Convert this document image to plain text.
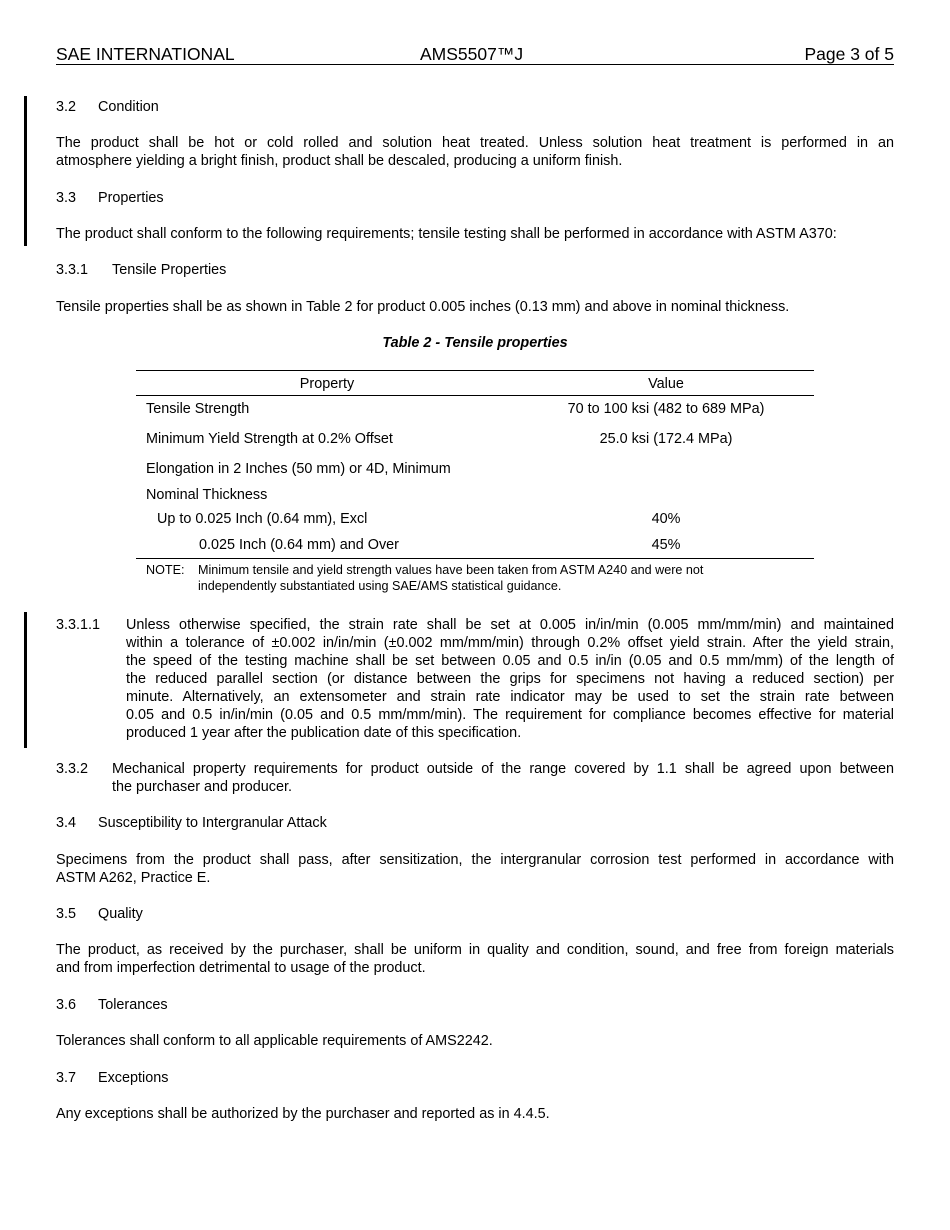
SAE INTERNATIONAL	AMS5507™J	Page 3 of 5
3.2 Condition
The product shall be hot or cold rolled and solution heat treated. Unless solution heat treatment is performed in an
atmosphere yielding a bright finish, product shall be descaled, producing a uniform finish.
3.3 Properties
The product shall conform to the following requirements; tensile testing shall be performed in accordance with ASTM A370:
3.3.1 Tensile Properties
Tensile properties shall be as shown in Table 2 for product 0.005 inches (0.13 mm) and above in nominal thickness.
Table 2 - Tensile properties
Property	Value
Tensile Strength	70 to 100 ksi (482 to 689 MPa)
Minimum Yield Strength at 0.2% Offset	25.0 ksi (172.4 MPa)
Elongation in 2 Inches (50 mm) or 4D, Minimum
Nominal Thickness
Up to 0.025 Inch (0.64 mm), Excl	40%
0.025 Inch (0.64 mm) and Over	45%
NOTE: Minimum tensile and yield strength values have been taken from ASTM A240 and were not
independently substantiated using SAE/AMS statistical guidance.
3.3.1.1 Unless otherwise specified, the strain rate shall be set at 0.005 in/in/min (0.005 mm/mm/min) and maintained
within a tolerance of ±0.002 in/in/min (±0.002 mm/mm/min) through 0.2% offset yield strain. After the yield strain,
the speed of the testing machine shall be set between 0.05 and 0.5 in/in (0.05 and 0.5 mm/mm) of the length of
the reduced parallel section (or distance between the grips for specimens not having a reduced section) per
minute. Alternatively, an extensometer and strain rate indicator may be used to set the strain rate between
0.05 and 0.5 in/in/min (0.05 and 0.5 mm/mm/min). The requirement for compliance becomes effective for material
produced 1 year after the publication date of this specification.
3.3.2 Mechanical property requirements for product outside of the range covered by 1.1 shall be agreed upon between
the purchaser and producer.
3.4 Susceptibility to Intergranular Attack
Specimens from the product shall pass, after sensitization, the intergranular corrosion test performed in accordance with
ASTM A262, Practice E.
3.5 Quality
The product, as received by the purchaser, shall be uniform in quality and condition, sound, and free from foreign materials
and from imperfection detrimental to usage of the product.
3.6 Tolerances
Tolerances shall conform to all applicable requirements of AMS2242.
3.7 Exceptions
Any exceptions shall be authorized by the purchaser and reported as in 4.4.5.
